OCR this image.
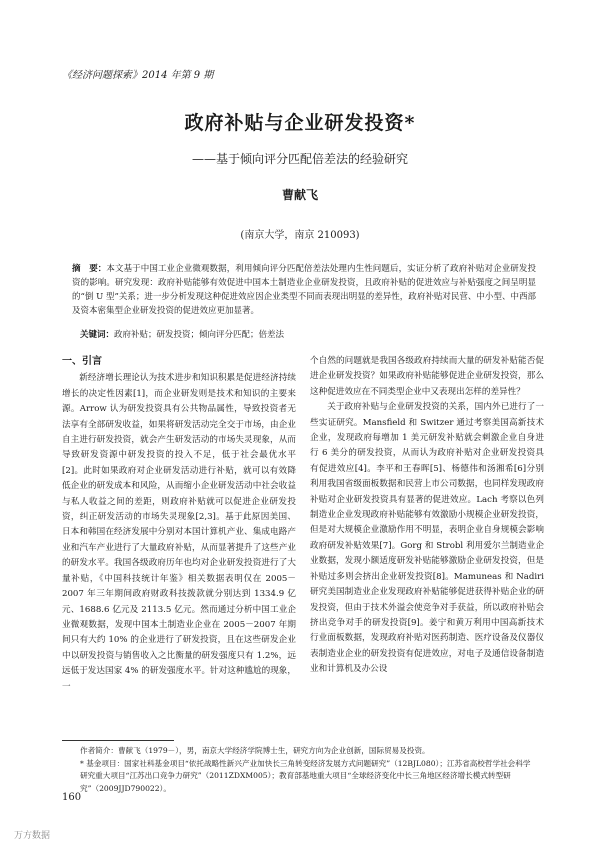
《经济问题探索》2014 年第 9 期
政府补贴与企业研发投资*
——基于倾向评分匹配倍差法的经验研究
曹献飞
(南京大学，南京 210093)
摘　要：本文基于中国工业企业微观数据，利用倾向评分匹配倍差法处理内生性问题后，实证分析了政府补贴对企业研发投资的影响。研究发现：政府补贴能够有效促进中国本土制造业企业研发投资，且政府补贴的促进效应与补贴强度之间呈明显的“倒 U 型”关系；进一步分析发现这种促进效应因企业类型不同而表现出明显的差异性，政府补贴对民营、中小型、中西部及资本密集型企业研发投资的促进效应更加显著。
关键词：政府补贴；研发投资；倾向评分匹配；倍差法

一、引言

新经济增长理论认为技术进步和知识积累是促进经济持续增长的决定性因素[1]，而企业研发则是技术和知识的主要来源。Arrow 认为研发投资具有公共物品属性，导致投资者无法享有全部研发收益，如果将研发活动完全交于市场，由企业自主进行研发投资，就会产生研发活动的市场失灵现象，从而导致研发资源中研发投资的投入不足，低于社会最优水平[2]。此时如果政府对企业研发活动进行补贴，就可以有效降低企业的研发成本和风险，从而缩小企业研发活动中社会收益与私人收益之间的差距，则政府补贴就可以促进企业研发投资，纠正研发活动的市场失灵现象[2,3]。基于此原因美国、日本和韩国在经济发展中分别对本国计算机产业、集成电路产业和汽车产业进行了大量政府补贴，从而显著提升了这些产业的研发水平。我国各级政府历年也均对企业研发投资进行了大量补贴，《中国科技统计年鉴》相关数据表明仅在 2005－2007 年三年期间政府财政科技拨款就分别达到 1334.9 亿元、1688.6 亿元及 2113.5 亿元。然而通过分析中国工业企业微观数据，发现中国本土制造业企业在 2005－2007 年期间只有大约 10% 的企业进行了研发投资，且在这些研发企业中以研发投资与销售收入之比衡量的研发强度只有 1.2%，远远低于发达国家 4% 的研发强度水平。针对这种尴尬的现象，一

个自然的问题就是我国各级政府持续而大量的研发补贴能否促进企业研发投资？如果政府补贴能够促进企业研发投资，那么这种促进效应在不同类型企业中又表现出怎样的差异性？

关于政府补贴与企业研发投资的关系，国内外已进行了一些实证研究。Mansfield 和 Switzer 通过考察美国高新技术企业，发现政府每增加 1 美元研发补贴就会刺激企业自身进行 6 美分的研发投资，从而认为政府补贴对企业研发投资具有促进效应[4]。李平和王春晖[5]、杨德伟和汤湘希[6]分别利用我国省级面板数据和民营上市公司数据，也同样发现政府补贴对企业研发投资具有显著的促进效应。Lach 考察以色列制造业企业发现政府补贴能够有效激励小规模企业研发投资，但是对大规模企业激励作用不明显，表明企业自身规模会影响政府研发补贴效果[7]。Gorg 和 Strobl 利用爱尔兰制造业企业数据，发现小额适度研发补贴能够激励企业研发投资，但是补贴过多则会挤出企业研发投资[8]。Mamuneas 和 Nadiri 研究美国制造业企业发现政府补贴能够促进获得补贴企业的研发投资，但由于技术外溢会使竞争对手获益，所以政府补贴会挤出竞争对手的研发投资[9]。姜宁和黄万利用中国高新技术行业面板数据，发现政府补贴对医药制造、医疗设备及仪器仪表制造业企业的研发投资有促进效应，对电子及通信设备制造业和计算机及办公设

作者简介：曹献飞（1979－），男，南京大学经济学院博士生，研究方向为企业创新，国际贸易及投资。
* 基金项目：国家社科基金项目“依托战略性新兴产业加快长三角转变经济发展方式问题研究”（12BJL080）；江苏省高校哲学社会科学研究重大项目“江苏出口竞争力研究”（2011ZDXM005）；教育部基地重大项目“全球经济变化中长三角地区经济增长模式转型研究”（2009JJD790022）。
160
万方数据
